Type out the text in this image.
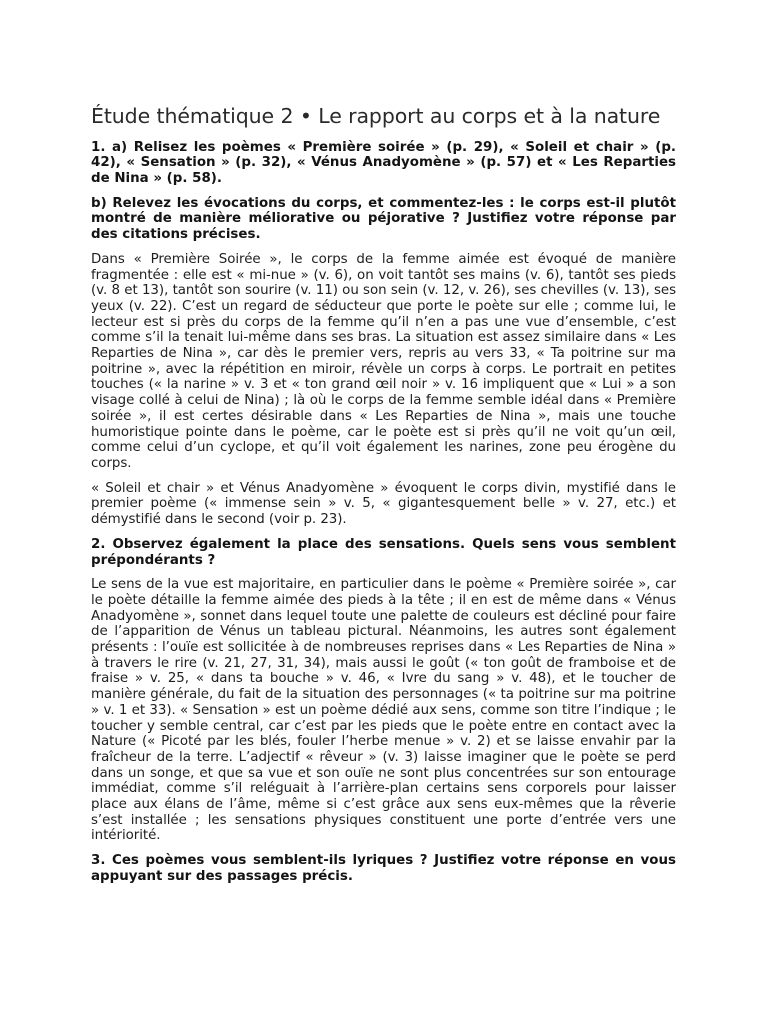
Étude thématique 2 • Le rapport au corps et à la nature

1. a) Relisez les poèmes « Première soirée » (p. 29), « Soleil et chair » (p. 42), « Sensation » (p. 32), « Vénus Anadyomène » (p. 57) et « Les Reparties de Nina » (p. 58).

b) Relevez les évocations du corps, et commentez-les : le corps est-il plutôt montré de manière méliorative ou péjorative ? Justifiez votre réponse par des citations précises.

Dans « Première Soirée », le corps de la femme aimée est évoqué de manière fragmentée : elle est « mi-nue » (v. 6), on voit tantôt ses mains (v. 6), tantôt ses pieds (v. 8 et 13), tantôt son sourire (v. 11) ou son sein (v. 12, v. 26), ses chevilles (v. 13), ses yeux (v. 22). C’est un regard de séducteur que porte le poète sur elle ; comme lui, le lecteur est si près du corps de la femme qu’il n’en a pas une vue d’ensemble, c’est comme s’il la tenait lui-même dans ses bras. La situation est assez similaire dans « Les Reparties de Nina », car dès le premier vers, repris au vers 33, « Ta poitrine sur ma poitrine », avec la répétition en miroir, révèle un corps à corps. Le portrait en petites touches (« la narine » v. 3 et « ton grand œil noir » v. 16 impliquent que « Lui » a son visage collé à celui de Nina) ; là où le corps de la femme semble idéal dans « Première soirée », il est certes désirable dans « Les Reparties de Nina », mais une touche humoristique pointe dans le poème, car le poète est si près qu’il ne voit qu’un œil, comme celui d’un cyclope, et qu’il voit également les narines, zone peu érogène du corps.

« Soleil et chair » et Vénus Anadyomène » évoquent le corps divin, mystifié dans le premier poème (« immense sein » v. 5, « gigantesquement belle » v. 27, etc.) et démystifié dans le second (voir p. 23).

2. Observez également la place des sensations. Quels sens vous semblent prépondérants ?

Le sens de la vue est majoritaire, en particulier dans le poème « Première soirée », car le poète détaille la femme aimée des pieds à la tête ; il en est de même dans « Vénus Anadyomène », sonnet dans lequel toute une palette de couleurs est décliné pour faire de l’apparition de Vénus un tableau pictural. Néanmoins, les autres sont également présents : l’ouïe est sollicitée à de nombreuses reprises dans « Les Reparties de Nina » à travers le rire (v. 21, 27, 31, 34), mais aussi le goût (« ton goût de framboise et de fraise » v. 25, « dans ta bouche » v. 46, « Ivre du sang » v. 48), et le toucher de manière générale, du fait de la situation des personnages (« ta poitrine sur ma poitrine » v. 1 et 33). « Sensation » est un poème dédié aux sens, comme son titre l’indique ; le toucher y semble central, car c’est par les pieds que le poète entre en contact avec la Nature (« Picoté par les blés, fouler l’herbe menue » v. 2) et se laisse envahir par la fraîcheur de la terre. L’adjectif « rêveur » (v. 3) laisse imaginer que le poète se perd dans un songe, et que sa vue et son ouïe ne sont plus concentrées sur son entourage immédiat, comme s’il reléguait à l’arrière-plan certains sens corporels pour laisser place aux élans de l’âme, même si c’est grâce aux sens eux-mêmes que la rêverie s’est installée ; les sensations physiques constituent une porte d’entrée vers une intériorité.

3. Ces poèmes vous semblent-ils lyriques ? Justifiez votre réponse en vous appuyant sur des passages précis.
